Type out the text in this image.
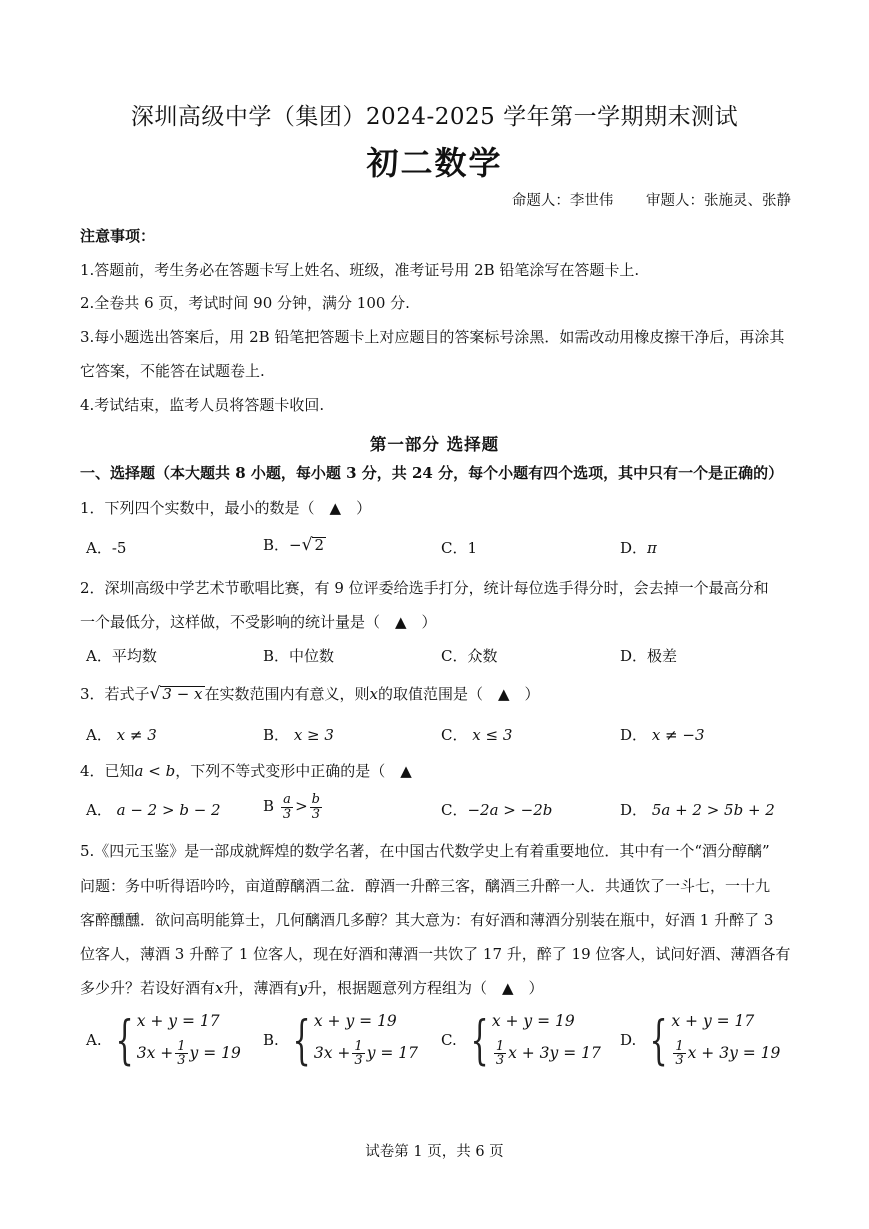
深圳高级中学（集团）2024-2025 学年第一学期期末测试
初二数学
命题人：李世伟 审题人：张施灵、张静
注意事项：
1.答题前，考生务必在答题卡写上姓名、班级，准考证号用 2B 铅笔涂写在答题卡上.
2.全卷共 6 页，考试时间 90 分钟，满分 100 分.
3.每小题选出答案后，用 2B 铅笔把答题卡上对应题目的答案标号涂黑．如需改动用橡皮擦干净后，再涂其
它答案，不能答在试题卷上.
4.考试结束，监考人员将答题卡收回.
第一部分 选择题
一、选择题（本大题共 8 小题，每小题 3 分，共 24 分，每个小题有四个选项，其中只有一个是正确的）
1．下列四个实数中，最小的数是（　▲　）
A．-5	B．−√ 2	C．1	D．π
2．深圳高级中学艺术节歌唱比赛，有 9 位评委给选手打分，统计每位选手得分时，会去掉一个最高分和
一个最低分，这样做，不受影响的统计量是（　▲　）
A．平均数	B．中位数	C．众数	D．极差
3．若式子√ 3 − x 在实数范围内有意义，则x的取值范围是（　▲　）
A． x ≠ 3	B． x ≥ 3	C． x ≤ 3	D． x ≠ −3
4．已知a < b，下列不等式变形中正确的是（　▲
A． a − 2 > b − 2	B $\frac{a}{3} > \frac{b}{3}$	C．−2a > −2b	D． 5a + 2 > 5b + 2
5.《四元玉鉴》是一部成就辉煌的数学名著，在中国古代数学史上有着重要地位．其中有一个“酒分醇醨”
问题：务中听得语吟吟，亩道醇醨酒二盆．醇酒一升醉三客，醨酒三升醉一人．共通饮了一斗七，一十九
客醉醺醺．欲问高明能算士，几何醨酒几多醇？其大意为：有好酒和薄酒分别装在瓶中，好酒 1 升醉了 3
位客人，薄酒 3 升醉了 1 位客人，现在好酒和薄酒一共饮了 17 升，醉了 19 位客人，试问好酒、薄酒各有
多少升？若设好酒有x升，薄酒有y升，根据题意列方程组为（　▲　）
A. { x + y = 17
$3x + \frac{1}{3}$ y = 19
B. { x + y = 19
$3x + \frac{1}{3}$ y = 17
C. { x + y = 19
$\frac{1}{3}$ x + 3y = 17
D. { x + y = 17
$\frac{1}{3}$ x + 3y = 19
试卷第 1 页，共 6 页
